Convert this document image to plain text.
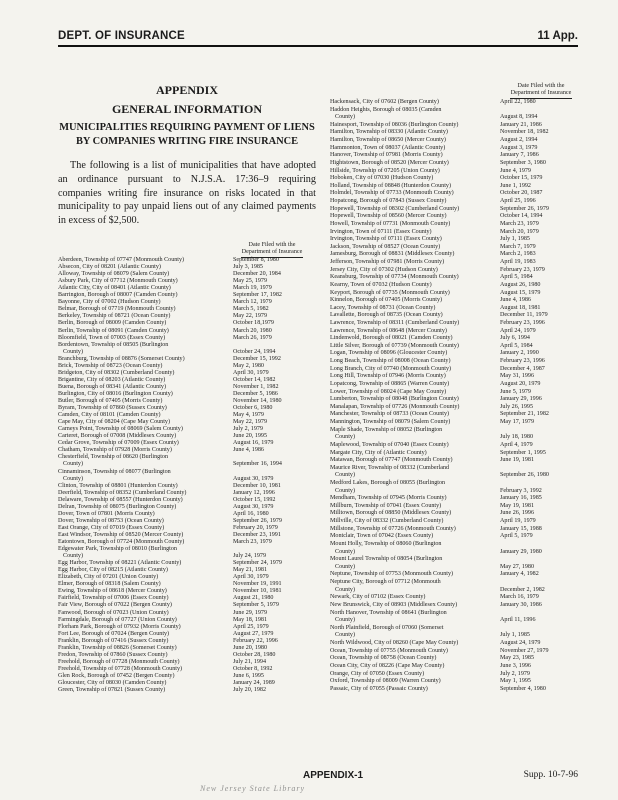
DEPT. OF INSURANCE	11 App.

APPENDIX

GENERAL INFORMATION

MUNICIPALITIES REQUIRING PAYMENT OF LIENS BY COMPANIES WRITING FIRE INSURANCE

The following is a list of municipalities that have adopted an ordinance pursuant to N.J.S.A. 17:36–9 requiring companies writing fire insurance on risks located in that municipality to pay unpaid liens out of any claimed payments in excess of $2,500.

Date Filed with the
Department of Insurance
Date Filed with the
Department of Insurance
Aberdeen, Township of 07747 (Monmouth County)	September 8, 1980
Absecon, City of 08201 (Atlantic County)	July 3, 1985
Alloway, Township of 08079 (Salem County)	December 20, 1984
Asbury Park, City of 07712 (Monmouth County)	May 25, 1979
Atlantic City, City of 08401 (Atlantic County)	March 19, 1979
Barrington, Borough of 08007 (Camden County)	September 17, 1982
Bayonne, City of 07002 (Hudson County)	March 12, 1979
Belmar, Borough of 07719 (Monmouth County)	March 5, 1982
Berkeley, Township of 08721 (Ocean County)	May 22, 1979
Berlin, Borough of 08009 (Camden County)	October 18,1979
Berlin, Township of 08091 (Camden County)	March 20, 1980
Bloomfield, Town of 07003 (Essex County)	March 26, 1979
Bordentown, Township of 08505 (Burlington
County)	October 24, 1994
Branchburg, Township of 08876 (Somerset County)	December 15, 1992
Brick, Township of 08723 (Ocean County)	May 2, 1980
Bridgeton, City of 08302 (Cumberland County)	April 30, 1979
Brigantine, City of 08203 (Atlantic County)	October 14, 1982
Buena, Borough of 08341 (Atlantic County)	November 1, 1982
Burlington, City of 08016 (Burlington County)	December 5, 1986
Butler, Borough of 07405 (Morris County)	November 14, 1980
Byram, Township of 07860 (Sussex County)	October 6, 1980
Camden, City of 08101 (Camden County)	May 4, 1979
Cape May, City of 08204 (Cape May County)	May 22, 1979
Carneys Point, Township of 08069 (Salem County)	July 2, 1979
Carteret, Borough of 07008 (Middlesex County)	June 20, 1995
Cedar Grove, Township of 07009 (Essex County)	August 16, 1979
Chatham, Township of 07928 (Morris County)	June 4, 1986
Chesterfield, Township of 08620 (Burlington
County)	September 16, 1994
Cinnaminson, Township of 08077 (Burlington
County)	August 30, 1979
Clinton, Township of 08801 (Hunterdon County)	December 10, 1981
Deerfield, Township of 08352 (Cumberland County)	January 12, 1996
Delaware, Township of 08557 (Hunterdon County)	October 15, 1992
Delran, Township of 08075 (Burlington County)	August 30, 1979
Dover, Town of 07801 (Morris County)	April 16, 1980
Dover, Township of 08753 (Ocean County)	September 26, 1979
East Orange, City of 07019 (Essex County)	February 20, 1979
East Windsor, Township of 08520 (Mercer County)	December 23, 1991
Eatontown, Borough of 07724 (Monmouth County)	March 23, 1979
Edgewater Park, Township of 08010 (Burlington
County)	July 24, 1979
Egg Harbor, Township of 08221 (Atlantic County)	September 24, 1979
Egg Harbor, City of 08215 (Atlantic County)	May 21, 1981
Elizabeth, City of 07201 (Union County)	April 30, 1979
Elmer, Borough of 08318 (Salem County)	November 19, 1991
Ewing, Township of 08618 (Mercer County)	November 10, 1981
Fairfield, Township of 07006 (Essex County)	August 21, 1980
Fair View, Borough of 07022 (Bergen County)	September 5, 1979
Fanwood, Borough of 07023 (Union County)	June 29, 1979
Farmingdale, Borough of 07727 (Union County)	May 18, 1981
Florham Park, Borough of 07932 (Morris County)	April 25, 1979
Fort Lee, Borough of 07024 (Bergen County)	August 27, 1979
Franklin, Borough of 07416 (Sussex County)	February 22, 1996
Franklin, Township of 08826 (Somerset County)	June 20, 1980
Fredon, Township of 07860 (Sussex County)	October 28, 1980
Freehold, Borough of 07728 (Monmouth County)	July 21, 1994
Freehold, Township of 07728 (Monmouth County)	October 8, 1992
Glen Rock, Borough of 07452 (Bergen County)	June 6, 1995
Gloucester, City of 08030 (Camden County)	January 24, 1989
Green, Township of 07821 (Sussex County)	July 20, 1982
Hackensack, City of 07602 (Bergen County)	April 22, 1980
Haddon Heights, Borough of 08035 (Camden
County)	August 8, 1994
Hainesport, Township of 08036 (Burlington County)	January 21, 1986
Hamilton, Township of 08330 (Atlantic County)	November 18, 1982
Hamilton, Township of 08650 (Mercer County)	August 2, 1994
Hammonton, Town of 08037 (Atlantic County)	August 3, 1979
Hanover, Township of 07981 (Morris County)	January 7, 1986
Hightstown, Borough of 08520 (Mercer County)	September 3, 1980
Hillside, Township of 07205 (Union County)	June 4, 1979
Hoboken, City of 07030 (Hudson County)	October 15, 1979
Holland, Township of 08848 (Hunterdon County)	June 1, 1992
Holmdel, Township of 07733 (Monmouth County)	October 20, 1987
Hopatcong, Borough of 07843 (Sussex County)	April 25, 1996
Hopewell, Township of 08302 (Cumberland County)	September 26, 1979
Hopewell, Township of 08560 (Mercer County)	October 14, 1994
Howell, Township of 07731 (Monmouth County)	March 23, 1979
Irvington, Town of 07111 (Essex County)	March 20, 1979
Irvington, Township of 07111 (Essex County)	July 1, 1985
Jackson, Township of 08527 (Ocean County)	March 7, 1979
Jamesburg, Borough of 08831 (Middlesex County)	March 2, 1983
Jefferson, Township of 07981 (Morris County)	April 19, 1983
Jersey City, City of 07302 (Hudson County)	February 23, 1979
Keansburg, Township of 07734 (Monmouth County)	April 5, 1984
Kearny, Town of 07032 (Hudson County)	August 26, 1980
Keyport, Borough of 07735 (Monmouth County)	August 15, 1979
Kinnelon, Borough of 07405 (Morris County)	June 4, 1986
Lacey, Township of 08731 (Ocean County)	August 18, 1981
Lavallette, Borough of 08735 (Ocean County)	December 11, 1979
Lawrence, Township of 08311 (Cumberland County)	February 23, 1996
Lawrence, Township of 08648 (Mercer County)	April 24, 1979
Lindenwold, Borough of 08021 (Camden County)	July 6, 1994
Little Silver, Borough of 07739 (Monmouth County)	April 5, 1984
Logan, Township of 08096 (Gloucester County)	January 2, 1990
Long Beach, Township of 08008 (Ocean County)	February 23, 1996
Long Branch, City of 07740 (Monmouth County)	December 4, 1987
Long Hill, Township of 07946 (Morris County)	May 31, 1996
Lopatcong, Township of 08865 (Warren County)	August 20, 1979
Lower, Township of 08024 (Cape May County)	June 5, 1979
Lumberton, Township of 08048 (Burlington County)	January 29, 1996
Manalapan, Township of 07726 (Monmouth County)	July 26, 1995
Manchester, Township of 08733 (Ocean County)	September 21, 1982
Mannington, Township of 08079 (Salem County)	May 17, 1979
Maple Shade, Township of 08052 (Burlington
County)	July 18, 1980
Maplewood, Township of 07040 (Essex County)	April 4, 1979
Margate City, City of (Atlantic County)	September 1, 1995
Matawan, Borough of 07747 (Monmouth County)	June 19, 1981
Maurice River, Township of 08332 (Cumberland
County)	September 26, 1980
Medford Lakes, Borough of 08055 (Burlington
County)	February 3, 1992
Mendham, Township of 07945 (Morris County)	January 16, 1985
Millburn, Township of 07041 (Essex County)	May 19, 1981
Milltown, Borough of 08850 (Middlesex County)	June 26, 1996
Millville, City of 08332 (Cumberland County)	April 19, 1979
Millstone, Township of 07726 (Monmouth County)	January 15, 1988
Montclair, Town of 07042 (Essex County)	April 5, 1979
Mount Holly, Township of 08060 (Burlington
County)	January 29, 1980
Mount Laurel Township of 08054 (Burlington
County)	May 27, 1980
Neptune, Township of 07753 (Monmouth County)	January 4, 1982
Neptune City, Borough of 07712 (Monmouth
County)	December 2, 1982
Newark, City of 07102 (Essex County)	March 16, 1979
New Brunswick, City of 08903 (Middlesex County)	January 30, 1986
North Hanover, Township of 08641 (Burlington
County)	April 11, 1996
North Plainfield, Borough of 07060 (Somerset
County)	July 1, 1985
North Wildwood, City of 08260 (Cape May County)	August 24, 1979
Ocean, Township of 07755 (Monmouth County)	November 27, 1979
Ocean, Township of 08758 (Ocean County)	May 23, 1985
Ocean City, City of 08226 (Cape May County)	June 3, 1996
Orange, City of 07050 (Essex County)	July 2, 1979
Oxford, Township of 08009 (Warren County)	May 1, 1995
Passaic, City of 07055 (Passaic County)	September 4, 1980
APPENDIX-1	Supp. 10-7-96
New Jersey State Library
